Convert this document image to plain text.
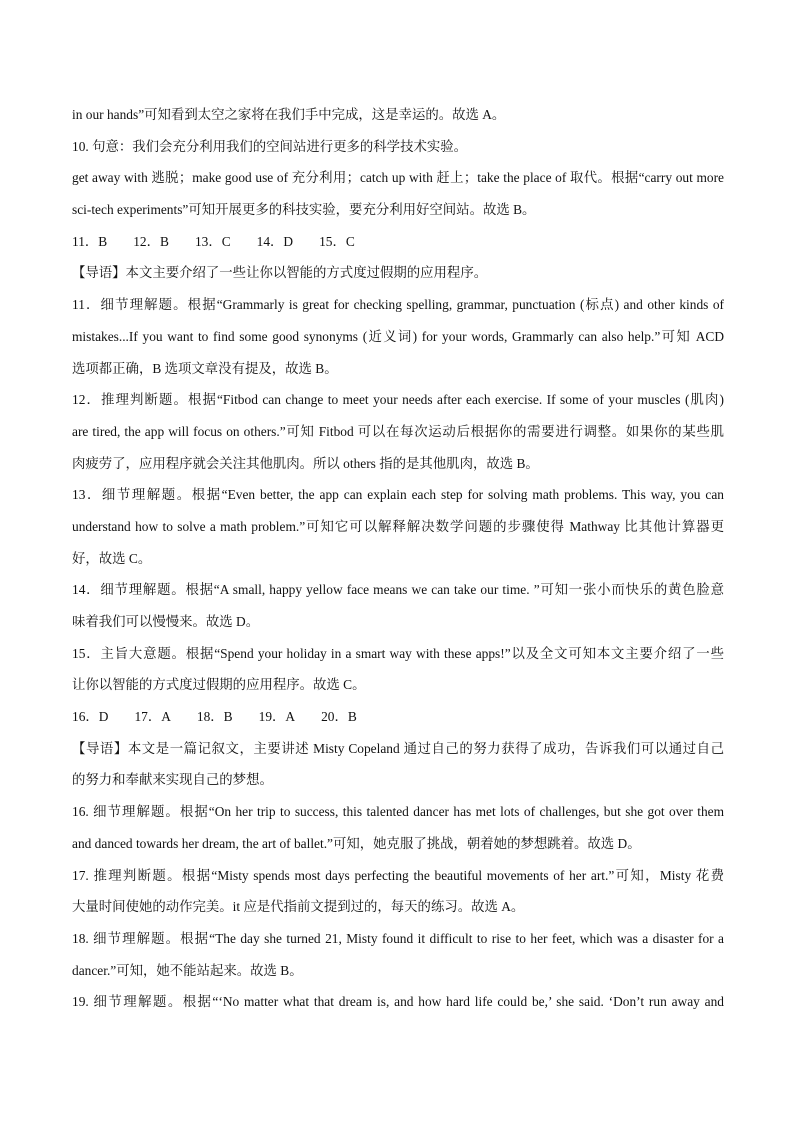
in our hands”可知看到太空之家将在我们手中完成，这是幸运的。故选 A。
10. 句意：我们会充分利用我们的空间站进行更多的科学技术实验。
get away with 逃脱；make good use of 充分利用；catch up with 赶上；take the place of 取代。根据“carry out more
sci-tech experiments”可知开展更多的科技实验，要充分利用好空间站。故选 B。
11．B 12．B 13．C 14．D 15．C
【导语】本文主要介绍了一些让你以智能的方式度过假期的应用程序。
11．细节理解题。根据“Grammarly is great for checking spelling, grammar, punctuation (标点) and other kinds of
mistakes...If you want to find some good synonyms (近义词) for your words, Grammarly can also help.”可知 ACD
选项都正确，B 选项文章没有提及，故选 B。
12．推理判断题。根据“Fitbod can change to meet your needs after each exercise. If some of your muscles (肌肉)
are tired, the app will focus on others.”可知 Fitbod 可以在每次运动后根据你的需要进行调整。如果你的某些肌
肉疲劳了，应用程序就会关注其他肌肉。所以 others 指的是其他肌肉，故选 B。
13．细节理解题。根据“Even better, the app can explain each step for solving math problems. This way, you can
understand how to solve a math problem.”可知它可以解释解决数学问题的步骤使得 Mathway 比其他计算器更
好，故选 C。
14．细节理解题。根据“A small, happy yellow face means we can take our time. ”可知一张小而快乐的黄色脸意
味着我们可以慢慢来。故选 D。
15．主旨大意题。根据“Spend your holiday in a smart way with these apps!”以及全文可知本文主要介绍了一些
让你以智能的方式度过假期的应用程序。故选 C。
16．D 17．A 18．B 19．A 20．B
【导语】本文是一篇记叙文，主要讲述 Misty Copeland 通过自己的努力获得了成功，告诉我们可以通过自己
的努力和奉献来实现自己的梦想。
16. 细节理解题。根据“On her trip to success, this talented dancer has met lots of challenges, but she got over them
and danced towards her dream, the art of ballet.”可知，她克服了挑战，朝着她的梦想跳着。故选 D。
17. 推理判断题。根据“Misty spends most days perfecting the beautiful movements of her art.”可知，Misty 花费
大量时间使她的动作完美。it 应是代指前文提到过的，每天的练习。故选 A。
18. 细节理解题。根据“The day she turned 21, Misty found it difficult to rise to her feet, which was a disaster for a
dancer.”可知，她不能站起来。故选 B。
19. 细节理解题。根据“‘No matter what that dream is, and how hard life could be,’ she said. ‘Don’t run away and
